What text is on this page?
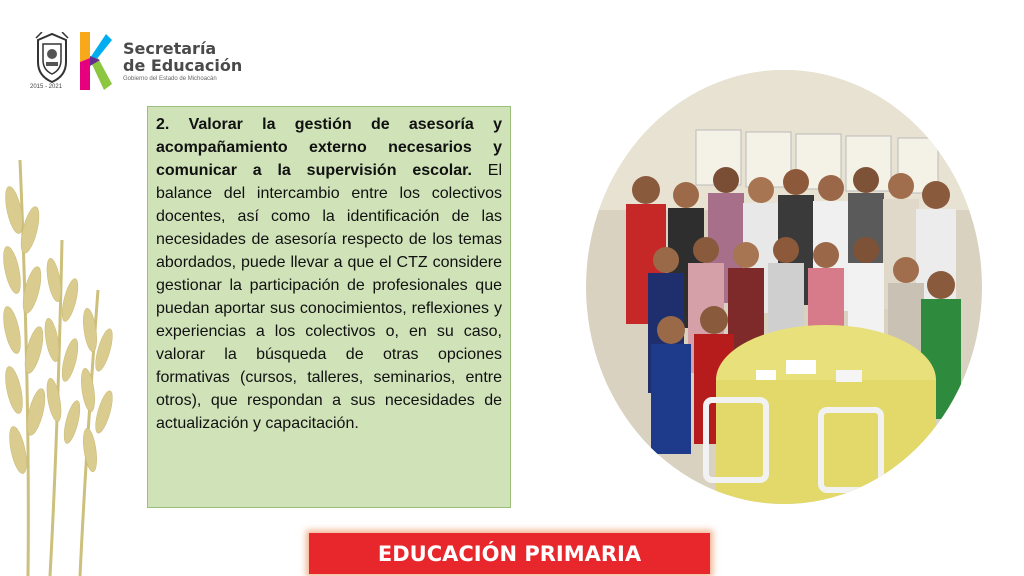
2015 - 2021
Secretaría
de Educación
Gobierno del Estado de Michoacán

2. Valorar la gestión de asesoría y acompañamiento externo necesarios y comunicar a la supervisión escolar. El balance del intercambio entre los colectivos docentes, así como la identificación de las necesidades de asesoría respecto de los temas abordados, puede llevar a que el CTZ considere gestionar la participación de profesionales que puedan aportar sus conocimientos, reflexiones y experiencias a los colectivos o, en su caso, valorar la búsqueda de otras opciones formativas (cursos, talleres, seminarios, entre otros), que respondan a sus necesidades de actualización y capacitación.

EDUCACIÓN PRIMARIA
